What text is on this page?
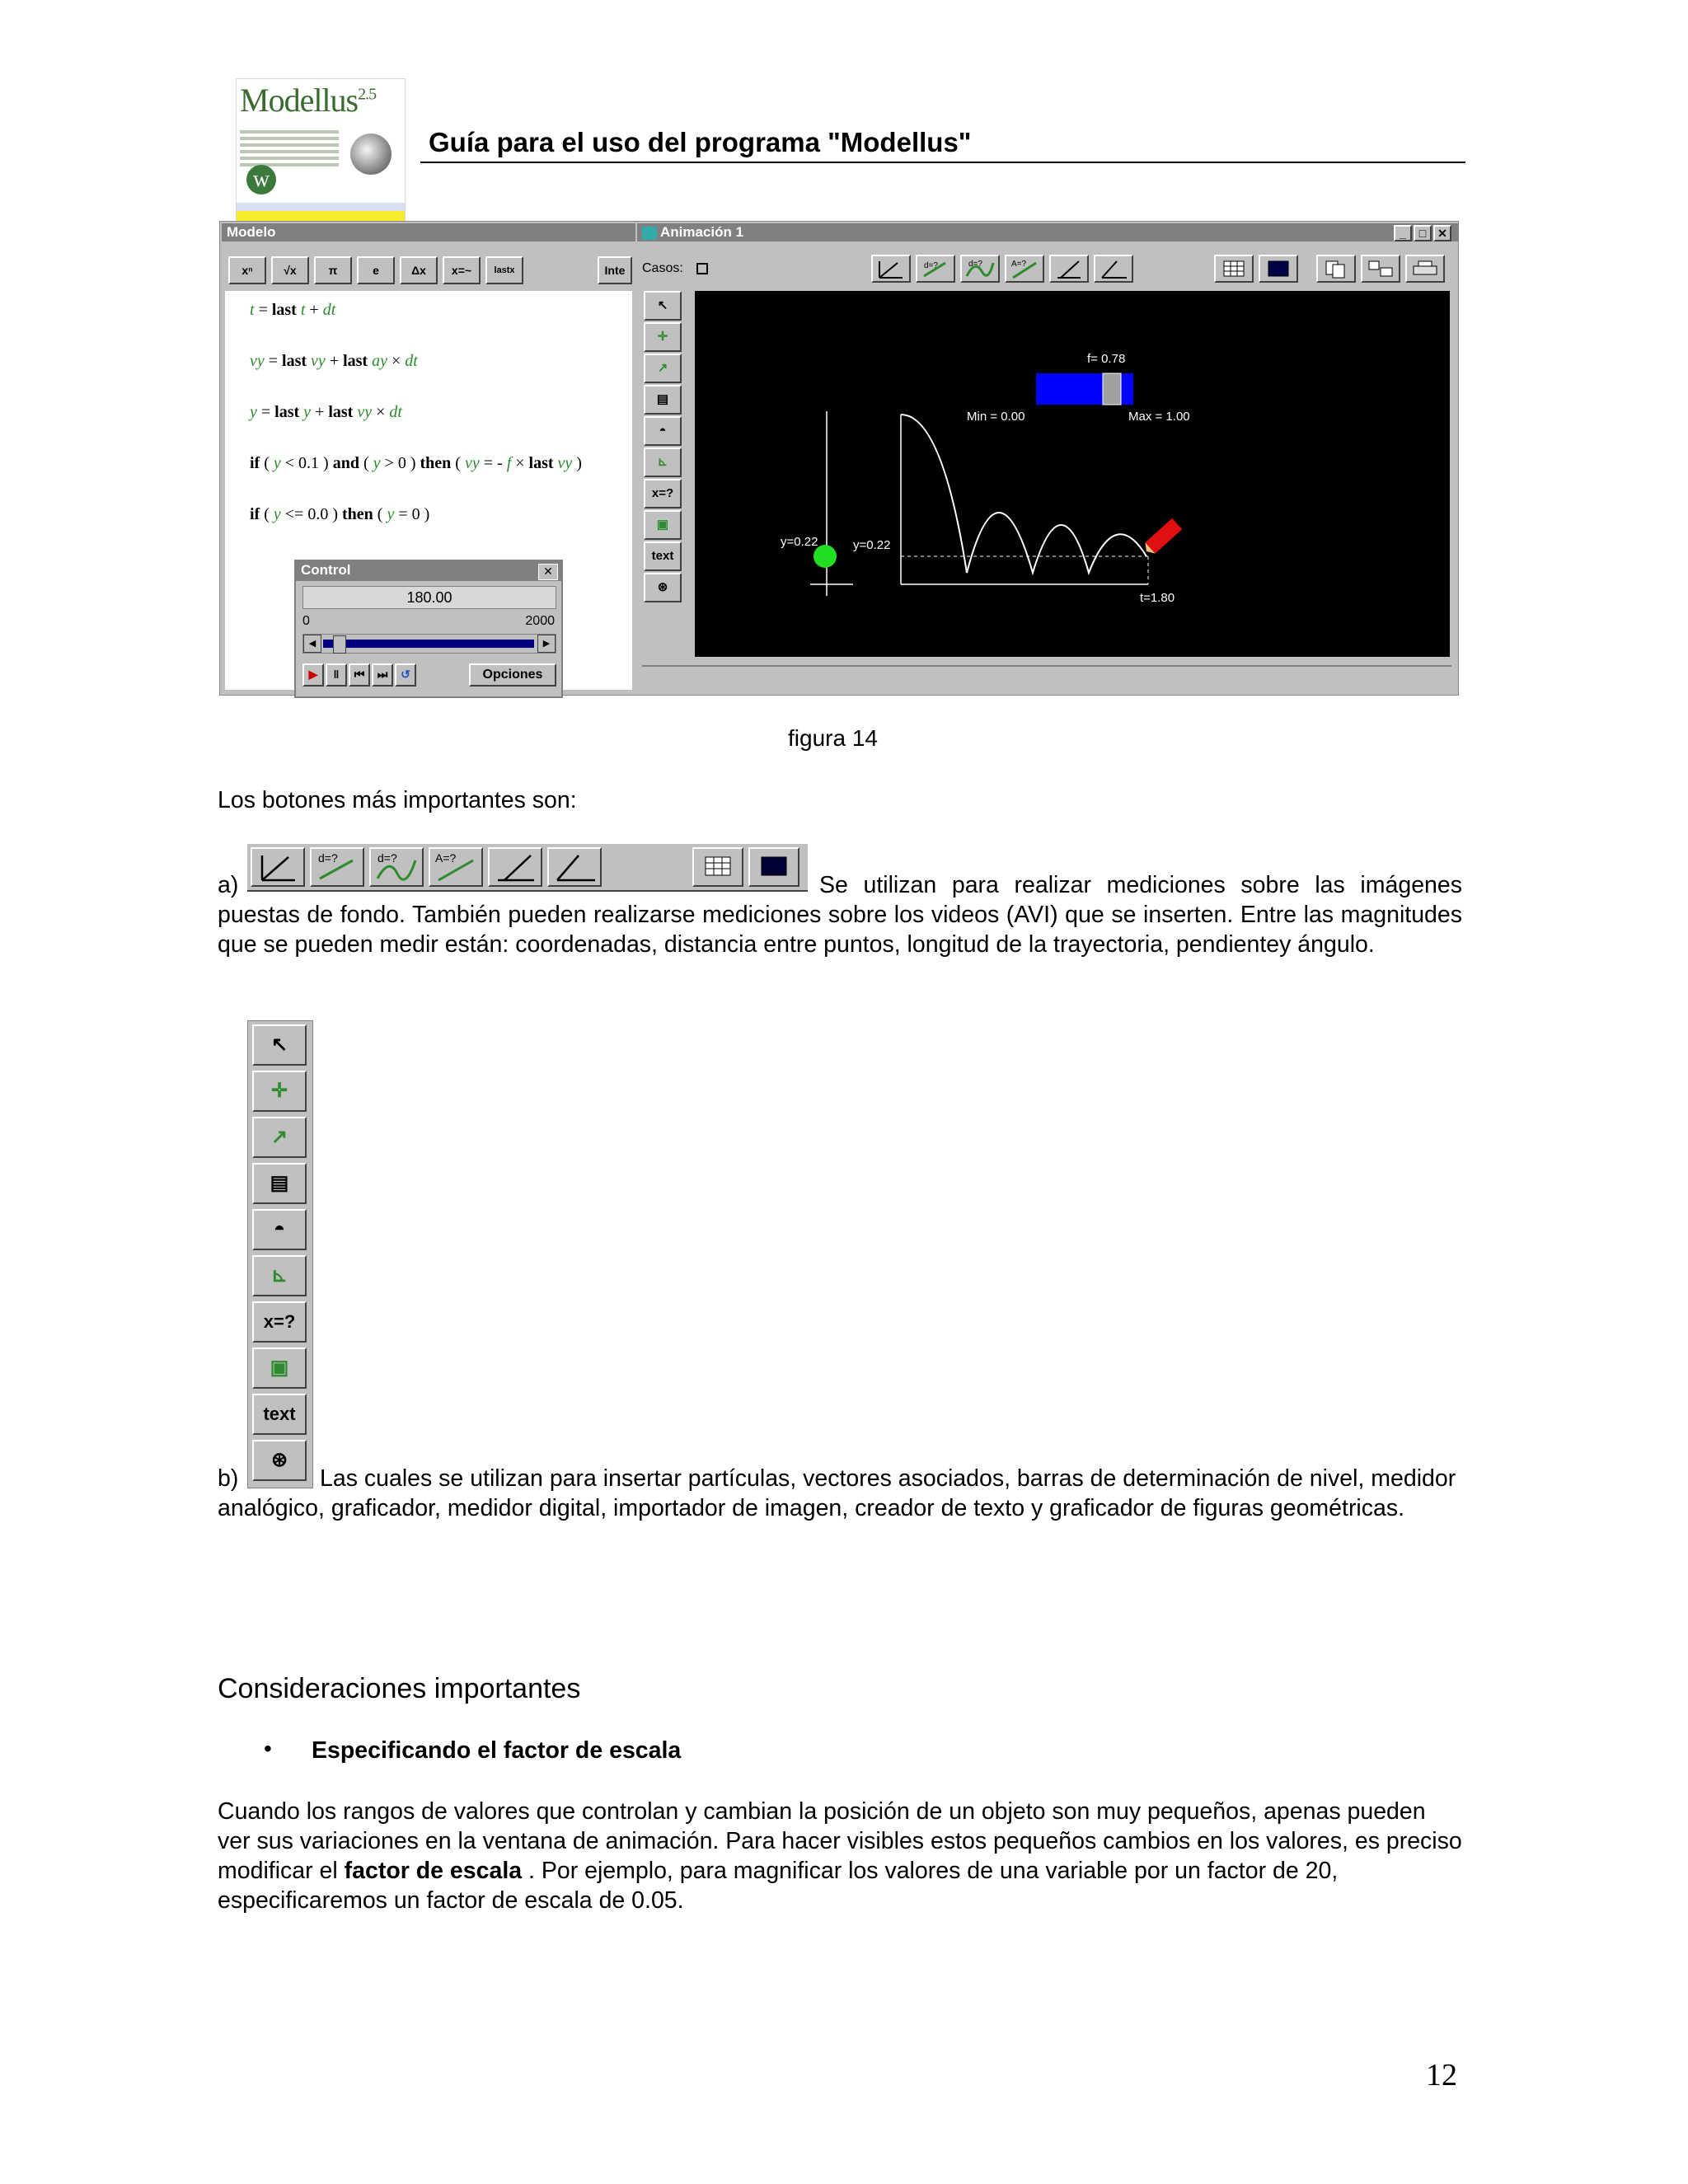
Modellus$^{2.5}$
w
Guía para el uso del programa "Modellus"
Modelo
xⁿ	√x	π	e	Δx	x=~	lastx	Inte
t = last t + dt
vy = last vy + last ay × dt
y = last y + last vy × dt
if ( y < 0.1 ) and ( y > 0 ) then ( vy = - f × last vy )
if ( y <= 0.0 ) then ( y = 0 )
Control	✕
180.00
0	2000
◀	▶
▶	‖	⏮	⏭	↺	Opciones
Animación 1	_	□ ✕
Casos:	d=?	d=?	A=?
↖
✛
↗
▤
◓
⊾
x=?
▣
text
⊛
f= 0.78
Min = 0.00	Max = 1.00
y=0.22	y=0.22
t=1.80
figura 14
Los botones más importantes son:
d=?	d=?	A=?
a)	Se utilizan para realizar mediciones sobre las imágenes puestas de fondo. También pueden realizarse mediciones sobre los videos (AVI) que se inserten. Entre las magnitudes que se pueden medir están: coordenadas, distancia entre puntos, longitud de la trayectoria, pendientey ángulo.
↖
✛
↗
▤
◓
⊾
x=?
▣
text
⊛
b)	Las cuales se utilizan para insertar partículas, vectores asociados, barras de determinación de nivel, medidor analógico, graficador, medidor digital, importador de imagen, creador de texto y graficador de figuras geométricas.
Consideraciones importantes
• Especificando el factor de escala
Cuando los rangos de valores que controlan y cambian la posición de un objeto son muy pequeños, apenas pueden ver sus variaciones en la ventana de animación. Para hacer visibles estos pequeños cambios en los valores, es preciso modificar el factor de escala . Por ejemplo, para magnificar los valores de una variable por un factor de 20, especificaremos un factor de escala de 0.05.
12
